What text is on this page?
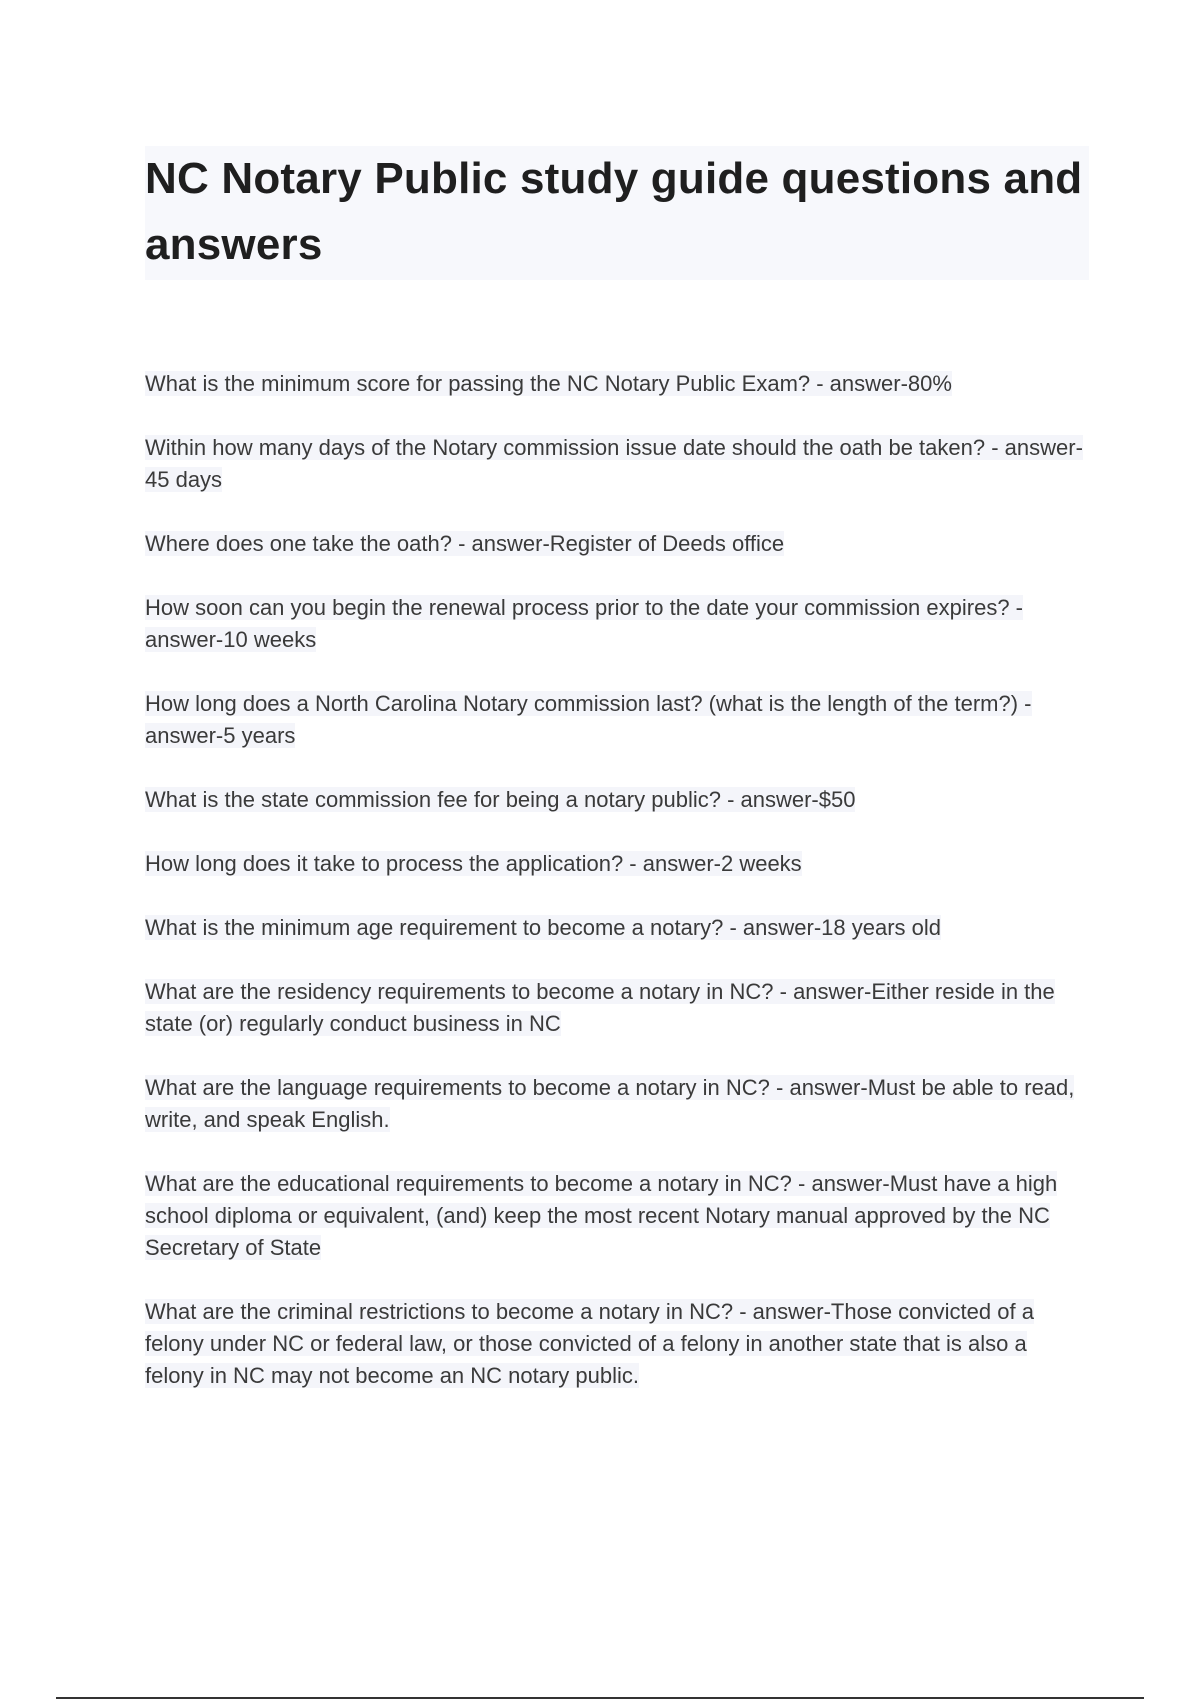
NC Notary Public study guide questions and answers
What is the minimum score for passing the NC Notary Public Exam? - answer-80%
Within how many days of the Notary commission issue date should the oath be taken? - answer-45 days
Where does one take the oath? - answer-Register of Deeds office
How soon can you begin the renewal process prior to the date your commission expires? - answer-10 weeks
How long does a North Carolina Notary commission last? (what is the length of the term?) - answer-5 years
What is the state commission fee for being a notary public? - answer-$50
How long does it take to process the application? - answer-2 weeks
What is the minimum age requirement to become a notary? - answer-18 years old
What are the residency requirements to become a notary in NC? - answer-Either reside in the state (or) regularly conduct business in NC
What are the language requirements to become a notary in NC? - answer-Must be able to read, write, and speak English.
What are the educational requirements to become a notary in NC? - answer-Must have a high school diploma or equivalent, (and) keep the most recent Notary manual approved by the NC Secretary of State
What are the criminal restrictions to become a notary in NC? - answer-Those convicted of a felony under NC or federal law, or those convicted of a felony in another state that is also a felony in NC may not become an NC notary public.
